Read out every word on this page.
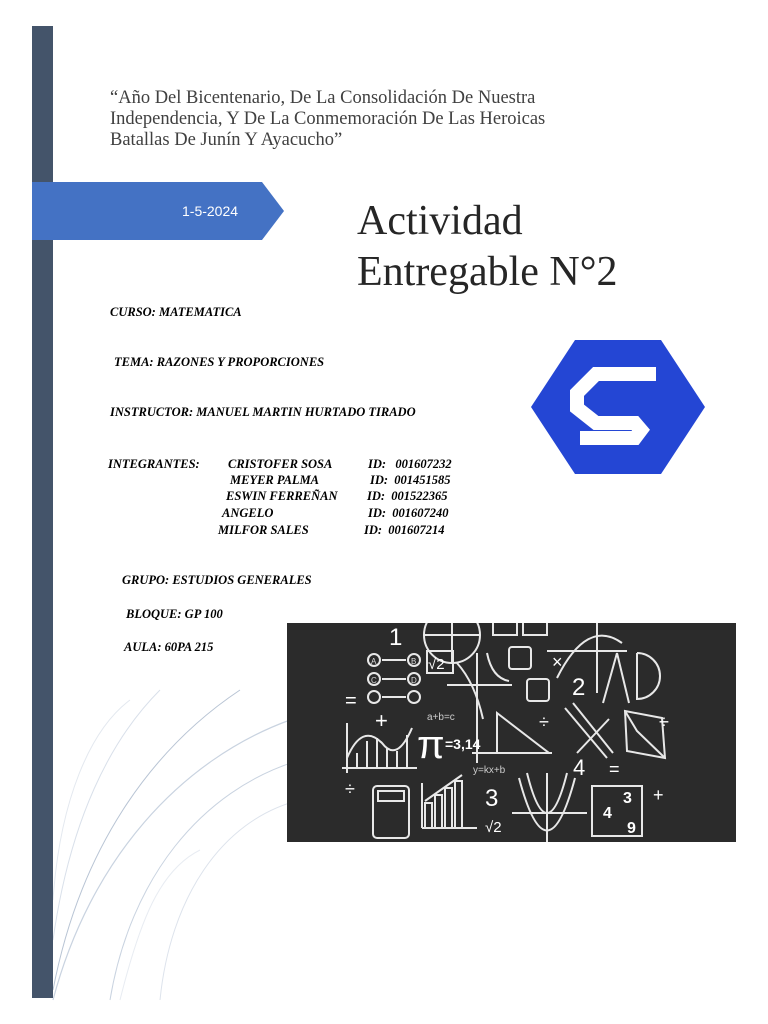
“Año Del Bicentenario, De La Consolidación De Nuestra
Independencia, Y De La Conmemoración De Las Heroicas
Batallas De Junín Y Ayacucho”
1-5-2024	Actividad
Entregable N°2
CURSO: MATEMATICA
TEMA: RAZONES Y PROPORCIONES
INSTRUCTOR: MANUEL MARTIN HURTADO TIRADO
INTEGRANTES: CRISTOFER SOSA	ID:   001607232
MEYER PALMA	ID:  001451585
ESWIN FERREÑAN ID:  001522365
ANGELO	ID:  001607240
MILFOR SALES	ID:  001607214
GRUPO: ESTUDIOS GENERALES
BLOQUE: GP 100
AULA: 60PA 215	1
√2
A	B
C	D
=
+
×
2
a+b=c
π =3,14
y=kx+b
÷
4 =
÷
÷	3
√2
3
4
9
+
